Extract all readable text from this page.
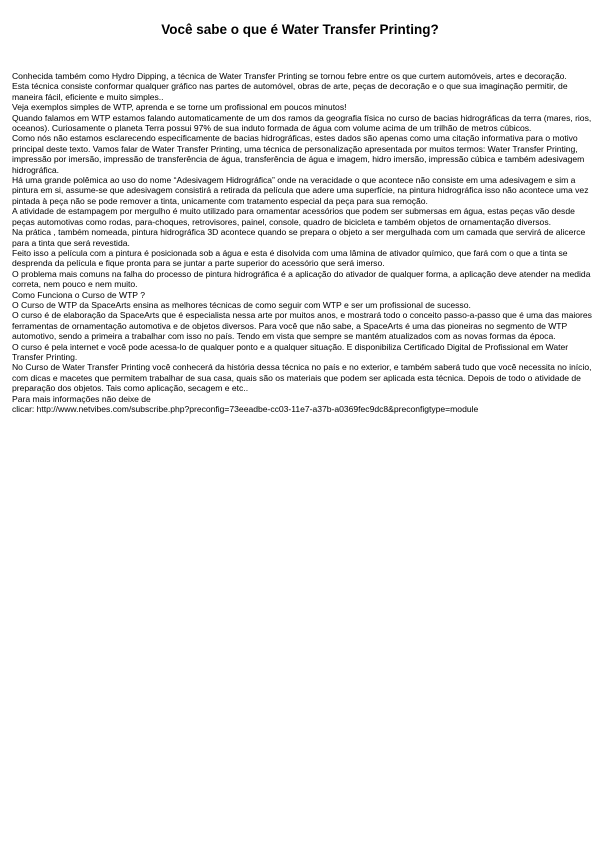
Você sabe o que é Water Transfer Printing?

Conhecida também como Hydro Dipping, a técnica de Water Transfer Printing se tornou febre entre os que curtem automóveis, artes e decoração.

Esta técnica consiste conformar qualquer gráfico nas partes de automóvel, obras de arte, peças de decoração e o que sua imaginação permitir, de maneira fácil, eficiente e muito simples..

Veja exemplos simples de WTP, aprenda e se torne um profissional em poucos minutos!

Quando falamos em WTP estamos falando automaticamente de um dos ramos da geografia física no curso de bacias hidrográficas da terra (mares, rios, oceanos). Curiosamente o planeta Terra possui 97% de sua induto formada de água com volume acima de um trilhão de metros cúbicos.

Como nós não estamos esclarecendo especificamente de bacias hidrográficas, estes dados são apenas como uma citação informativa para o motivo principal deste texto. Vamos falar de Water Transfer Printing, uma técnica de personalização apresentada por muitos termos: Water Transfer Printing, impressão por imersão, impressão de transferência de água, transferência de água e imagem, hidro imersão, impressão cúbica e também adesivagem hidrográfica.

Há uma grande polêmica ao uso do nome “Adesivagem Hidrográfica” onde na veracidade o que acontece não consiste em uma adesivagem e sim a pintura em si, assume-se que adesivagem consistirá a retirada da película que adere uma superfície, na pintura hidrográfica isso não acontece uma vez pintada à peça não se pode remover a tinta, unicamente com tratamento especial da peça para sua remoção.

A atividade de estampagem por mergulho é muito utilizado para ornamentar acessórios que podem ser submersas em água, estas peças vão desde peças automotivas como rodas, para-choques, retrovisores, painel, console, quadro de bicicleta e também objetos de ornamentação diversos.

Na prática , também nomeada, pintura hidrográfica 3D acontece quando se prepara o objeto a ser mergulhada com um camada que servirá de alicerce para a tinta que será revestida.

Feito isso a película com a pintura é posicionada sob a água e esta é disolvida com uma lâmina de ativador químico, que fará com o que a tinta se desprenda da película e fique pronta para se juntar a parte superior do acessório que será imerso.

O problema mais comuns na falha do processo de pintura hidrográfica é a aplicação do ativador de qualquer forma, a aplicação deve atender na medida correta, nem pouco e nem muito.

Como Funciona o Curso de WTP ?

O Curso de WTP da SpaceArts ensina as melhores técnicas de como seguir com WTP e ser um profissional de sucesso.

O curso é de elaboração da SpaceArts que é especialista nessa arte por muitos anos, e mostrará todo o conceito passo-a-passo que é uma das maiores ferramentas de ornamentação automotiva e de objetos diversos. Para você que não sabe, a SpaceArts é uma das pioneiras no segmento de WTP automotivo, sendo a primeira a trabalhar com isso no país. Tendo em vista que sempre se mantém atualizados com as novas formas da época.

O curso é pela internet e você pode acessa-lo de qualquer ponto e a qualquer situação. E disponibiliza Certificado Digital de Profissional em Water Transfer Printing.

No Curso de Water Transfer Printing você conhecerá da história dessa técnica no país e no exterior, e também saberá tudo que você necessita no início, com dicas e macetes que permitem trabalhar de sua casa, quais são os materiais que podem ser aplicada esta técnica. Depois de todo o atividade de preparação dos objetos. Tais como aplicação, secagem e etc..

Para mais informações não deixe de

clicar: http://www.netvibes.com/subscribe.php?preconfig=73eeadbe-cc03-11e7-a37b-a0369fec9dc8&preconfigtype=module
